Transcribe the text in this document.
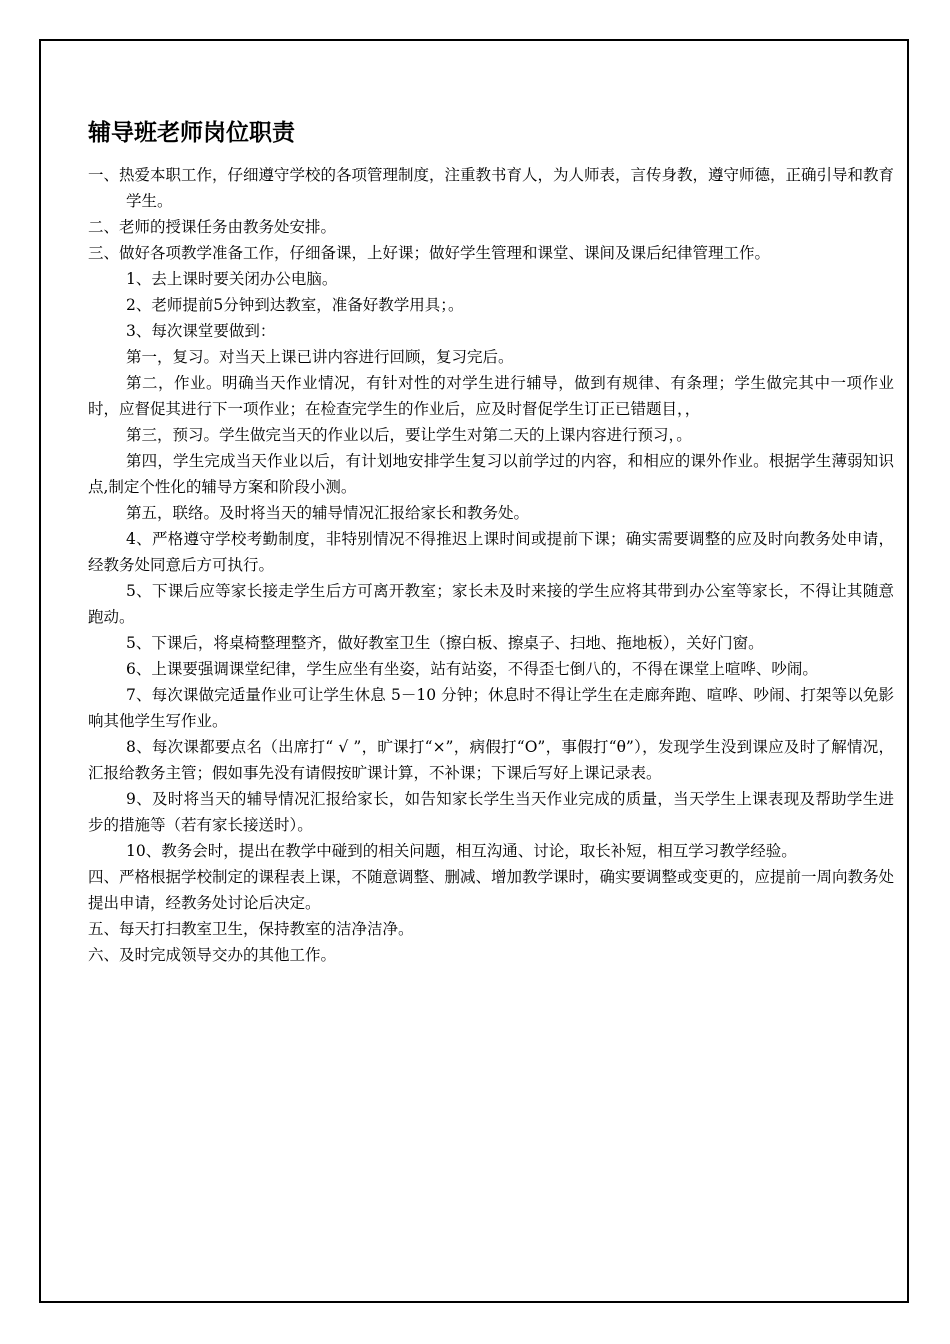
辅导班老师岗位职责

一、热爱本职工作，仔细遵守学校的各项管理制度，注重教书育人，为人师表，言传身教，遵守师德，正确引导和教育学生。

二、老师的授课任务由教务处安排。

三、做好各项教学准备工作，仔细备课，上好课；做好学生管理和课堂、课间及课后纪律管理工作。

1、去上课时要关闭办公电脑。

2、老师提前5分钟到达教室，准备好教学用具；。

3、每次课堂要做到：

第一，复习。对当天上课已讲内容进行回顾，复习完后。

第二，作业。明确当天作业情况，有针对性的对学生进行辅导，做到有规律、有条理；学生做完其中一项作业时，应督促其进行下一项作业；在检查完学生的作业后，应及时督促学生订正已错题目，，

第三，预习。学生做完当天的作业以后，要让学生对第二天的上课内容进行预习，。

第四，学生完成当天作业以后，有计划地安排学生复习以前学过的内容，和相应的课外作业。根据学生薄弱知识点,制定个性化的辅导方案和阶段小测。

第五，联络。及时将当天的辅导情况汇报给家长和教务处。

4、严格遵守学校考勤制度，非特别情况不得推迟上课时间或提前下课；确实需要调整的应及时向教务处申请，经教务处同意后方可执行。

5、下课后应等家长接走学生后方可离开教室；家长未及时来接的学生应将其带到办公室等家长，不得让其随意跑动。

5、下课后，将桌椅整理整齐，做好教室卫生（擦白板、擦桌子、扫地、拖地板），关好门窗。

6、上课要强调课堂纪律，学生应坐有坐姿，站有站姿，不得歪七倒八的，不得在课堂上喧哗、吵闹。

7、每次课做完适量作业可让学生休息 5－10 分钟；休息时不得让学生在走廊奔跑、喧哗、吵闹、打架等以免影响其他学生写作业。

8、每次课都要点名（出席打“ √ ”，旷课打“×”，病假打“O”，事假打“θ”），发现学生没到课应及时了解情况，汇报给教务主管；假如事先没有请假按旷课计算，不补课；下课后写好上课记录表。

9、及时将当天的辅导情况汇报给家长，如告知家长学生当天作业完成的质量，当天学生上课表现及帮助学生进步的措施等（若有家长接送时）。

10、教务会时，提出在教学中碰到的相关问题，相互沟通、讨论，取长补短，相互学习教学经验。

四、严格根据学校制定的课程表上课，不随意调整、删减、增加教学课时，确实要调整或变更的，应提前一周向教务处提出申请，经教务处讨论后决定。

五、每天打扫教室卫生，保持教室的洁净洁净。

六、及时完成领导交办的其他工作。
